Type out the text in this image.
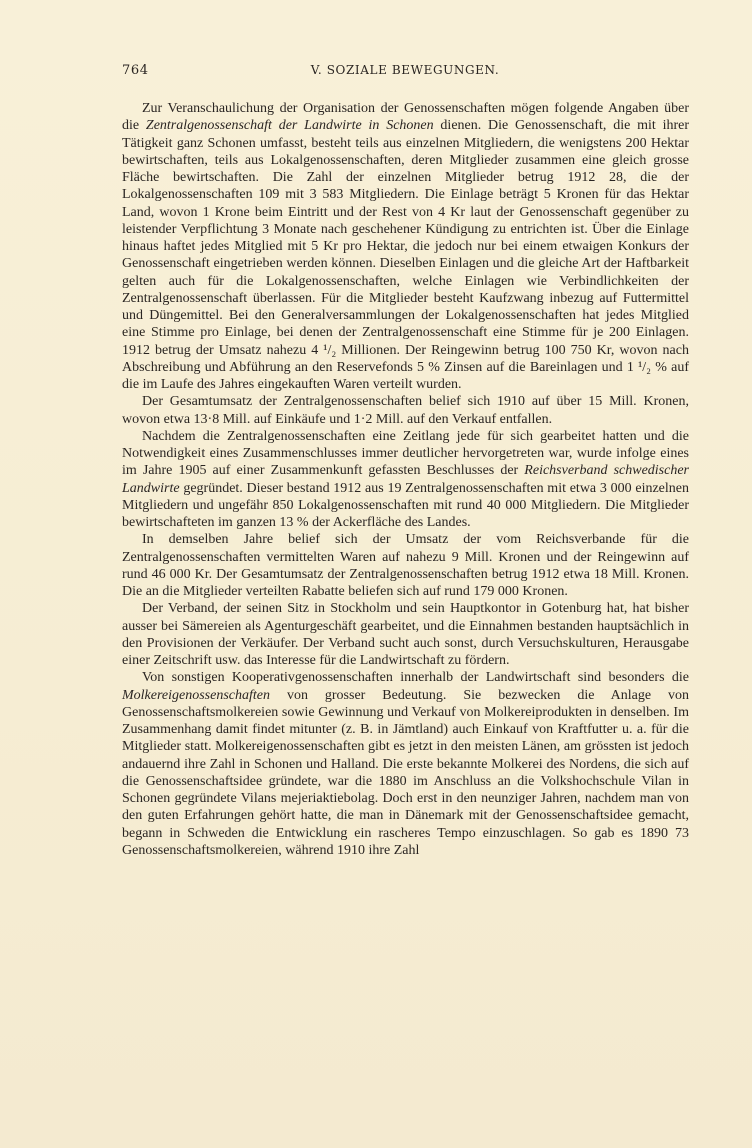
764	V. SOZIALE BEWEGUNGEN.

Zur Veranschaulichung der Organisation der Genossenschaften mögen folgende Angaben über die Zentralgenossenschaft der Landwirte in Schonen dienen. Die Genossenschaft, die mit ihrer Tätigkeit ganz Schonen umfasst, besteht teils aus einzelnen Mitgliedern, die wenigstens 200 Hektar bewirtschaften, teils aus Lokalgenossenschaften, deren Mitglieder zusammen eine gleich grosse Fläche bewirtschaften. Die Zahl der einzelnen Mitglieder betrug 1912 28, die der Lokalgenossenschaften 109 mit 3 583 Mitgliedern. Die Einlage beträgt 5 Kronen für das Hektar Land, wovon 1 Krone beim Eintritt und der Rest von 4 Kr laut der Genossenschaft gegenüber zu leistender Verpflichtung 3 Monate nach geschehener Kündigung zu entrichten ist. Über die Einlage hinaus haftet jedes Mitglied mit 5 Kr pro Hektar, die jedoch nur bei einem etwaigen Konkurs der Genossenschaft eingetrieben werden können. Dieselben Einlagen und die gleiche Art der Haftbarkeit gelten auch für die Lokalgenossenschaften, welche Einlagen wie Verbindlichkeiten der Zentralgenossenschaft überlassen. Für die Mitglieder besteht Kaufzwang inbezug auf Futtermittel und Düngemittel. Bei den Generalversammlungen der Lokalgenossenschaften hat jedes Mitglied eine Stimme pro Einlage, bei denen der Zentralgenossenschaft eine Stimme für je 200 Einlagen. 1912 betrug der Umsatz nahezu 4 ¹/₂ Millionen. Der Reingewinn betrug 100 750 Kr, wovon nach Abschreibung und Abführung an den Reservefonds 5 % Zinsen auf die Bareinlagen und 1 ¹/₂ % auf die im Laufe des Jahres eingekauften Waren verteilt wurden.

Der Gesamtumsatz der Zentralgenossenschaften belief sich 1910 auf über 15 Mill. Kronen, wovon etwa 13·8 Mill. auf Einkäufe und 1·2 Mill. auf den Verkauf entfallen.

Nachdem die Zentralgenossenschaften eine Zeitlang jede für sich gearbeitet hatten und die Notwendigkeit eines Zusammenschlusses immer deutlicher hervorgetreten war, wurde infolge eines im Jahre 1905 auf einer Zusammenkunft gefassten Beschlusses der Reichsverband schwedischer Landwirte gegründet. Dieser bestand 1912 aus 19 Zentralgenossenschaften mit etwa 3 000 einzelnen Mitgliedern und ungefähr 850 Lokalgenossenschaften mit rund 40 000 Mitgliedern. Die Mitglieder bewirtschafteten im ganzen 13 % der Ackerfläche des Landes.

In demselben Jahre belief sich der Umsatz der vom Reichsverbande für die Zentralgenossenschaften vermittelten Waren auf nahezu 9 Mill. Kronen und der Reingewinn auf rund 46 000 Kr. Der Gesamtumsatz der Zentralgenossenschaften betrug 1912 etwa 18 Mill. Kronen. Die an die Mitglieder verteilten Rabatte beliefen sich auf rund 179 000 Kronen.

Der Verband, der seinen Sitz in Stockholm und sein Hauptkontor in Gotenburg hat, hat bisher ausser bei Sämereien als Agenturgeschäft gearbeitet, und die Einnahmen bestanden hauptsächlich in den Provisionen der Verkäufer. Der Verband sucht auch sonst, durch Versuchskulturen, Herausgabe einer Zeitschrift usw. das Interesse für die Landwirtschaft zu fördern.

Von sonstigen Kooperativgenossenschaften innerhalb der Landwirtschaft sind besonders die Molkereigenossenschaften von grosser Bedeutung. Sie bezwecken die Anlage von Genossenschaftsmolkereien sowie Gewinnung und Verkauf von Molkereiprodukten in denselben. Im Zusammenhang damit findet mitunter (z. B. in Jämtland) auch Einkauf von Kraftfutter u. a. für die Mitglieder statt. Molkereigenossenschaften gibt es jetzt in den meisten Länen, am grössten ist jedoch andauernd ihre Zahl in Schonen und Halland. Die erste bekannte Molkerei des Nordens, die sich auf die Genossenschaftsidee gründete, war die 1880 im Anschluss an die Volkshochschule Vilan in Schonen gegründete Vilans mejeriaktiebolag. Doch erst in den neunziger Jahren, nachdem man von den guten Erfahrungen gehört hatte, die man in Dänemark mit der Genossenschaftsidee gemacht, begann in Schweden die Entwicklung ein rascheres Tempo einzuschlagen. So gab es 1890 73 Genossenschaftsmolkereien, während 1910 ihre Zahl
